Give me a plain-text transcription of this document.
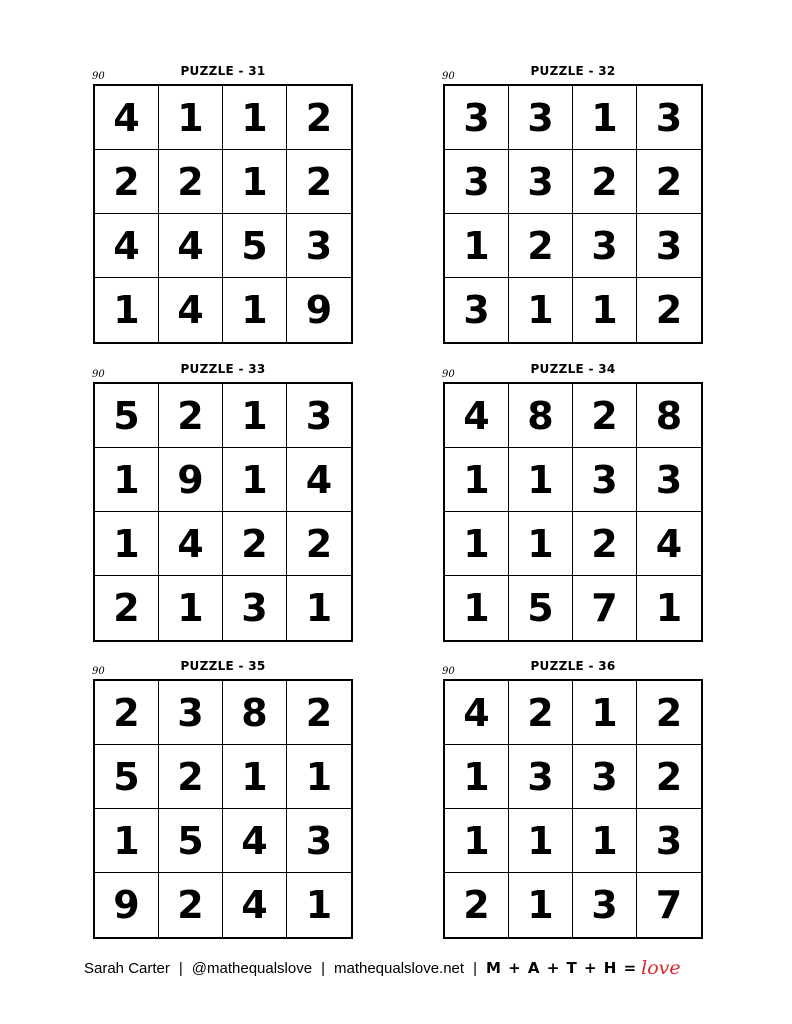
PUZZLE - 31
90
4 1 1	2
2 2 1	2
4 4 5	3
1 4 1	9
PUZZLE - 32
90
3 3 1	3
3 3 2	2
1 2 3	3
3 1 1	2
PUZZLE - 33
90
5 2 1	3
1 9 1	4
1 4 2	2
2 1 3	1
PUZZLE - 34
90
4 8 2	8
1 1 3	3
1 1 2	4
1 5 7	1
PUZZLE - 35
90
2 3 8	2
5 2 1	1
1 5 4	3
9 2 4	1
PUZZLE - 36
90
4 2 1	2
1 3 3	2
1 1 1	3
2 1 3	7
Sarah Carter | @mathequalslove | mathequalslove.net | M + A + T + H = love
